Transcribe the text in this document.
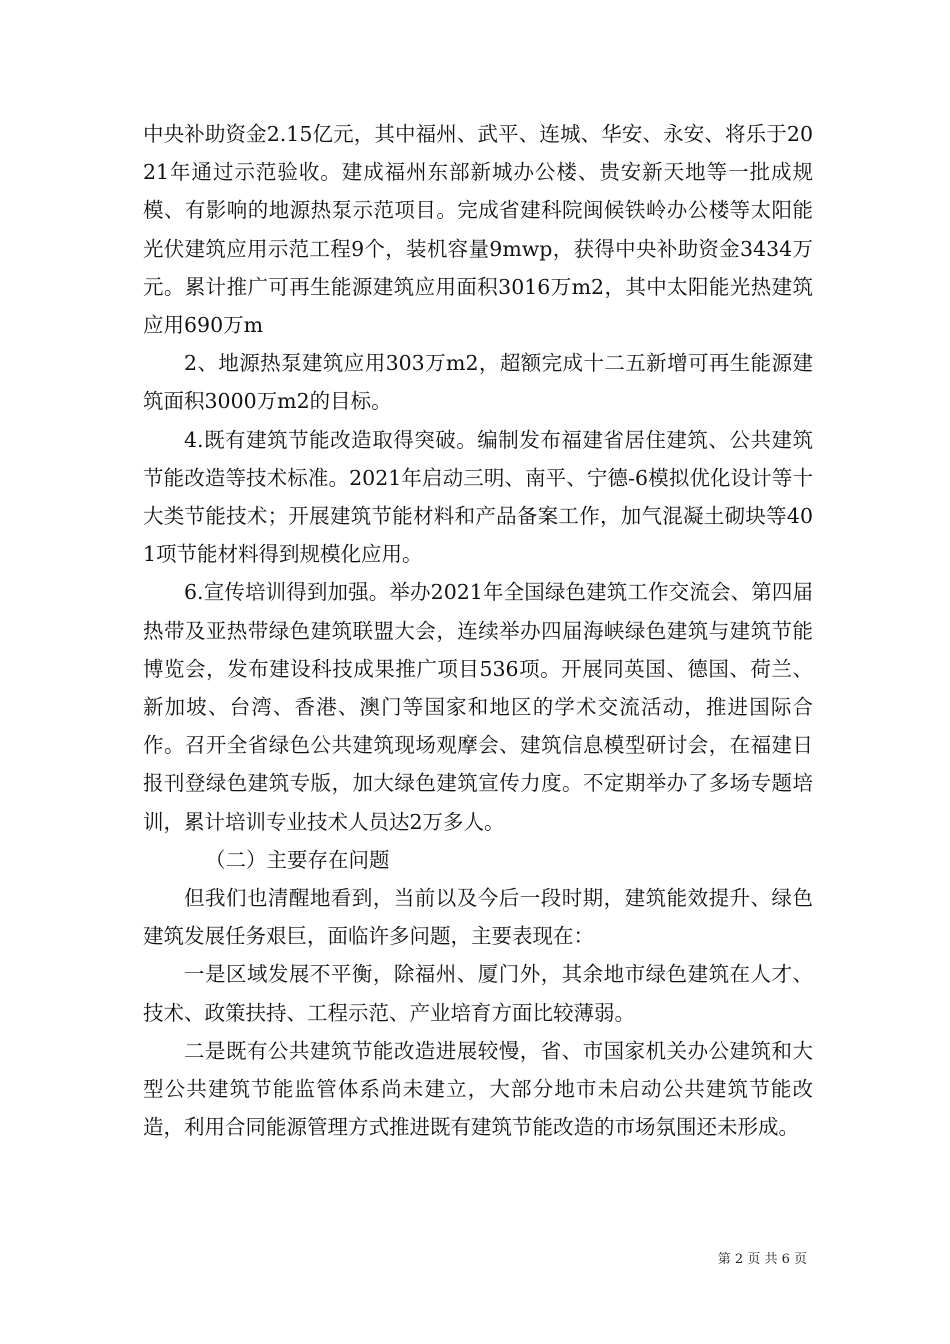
中央补助资金2.15亿元，其中福州、武平、连城、华安、永安、将乐于2021年通过示范验收。建成福州东部新城办公楼、贵安新天地等一批成规模、有影响的地源热泵示范项目。完成省建科院闽候铁岭办公楼等太阳能光伏建筑应用示范工程9个，装机容量9mwp，获得中央补助资金3434万元。累计推广可再生能源建筑应用面积3016万m2，其中太阳能光热建筑应用690万m

2、地源热泵建筑应用303万m2，超额完成十二五新增可再生能源建筑面积3000万m2的目标。

4.既有建筑节能改造取得突破。编制发布福建省居住建筑、公共建筑节能改造等技术标准。2021年启动三明、南平、宁德-6模拟优化设计等十大类节能技术；开展建筑节能材料和产品备案工作，加气混凝土砌块等401项节能材料得到规模化应用。

6.宣传培训得到加强。举办2021年全国绿色建筑工作交流会、第四届热带及亚热带绿色建筑联盟大会，连续举办四届海峡绿色建筑与建筑节能博览会，发布建设科技成果推广项目536项。开展同英国、德国、荷兰、新加坡、台湾、香港、澳门等国家和地区的学术交流活动，推进国际合作。召开全省绿色公共建筑现场观摩会、建筑信息模型研讨会，在福建日报刊登绿色建筑专版，加大绿色建筑宣传力度。不定期举办了多场专题培训，累计培训专业技术人员达2万多人。

（二）主要存在问题

但我们也清醒地看到，当前以及今后一段时期，建筑能效提升、绿色建筑发展任务艰巨，面临许多问题，主要表现在：

一是区域发展不平衡，除福州、厦门外，其余地市绿色建筑在人才、技术、政策扶持、工程示范、产业培育方面比较薄弱。

二是既有公共建筑节能改造进展较慢，省、市国家机关办公建筑和大型公共建筑节能监管体系尚未建立，大部分地市未启动公共建筑节能改造，利用合同能源管理方式推进既有建筑节能改造的市场氛围还未形成。

第 2 页 共 6 页
